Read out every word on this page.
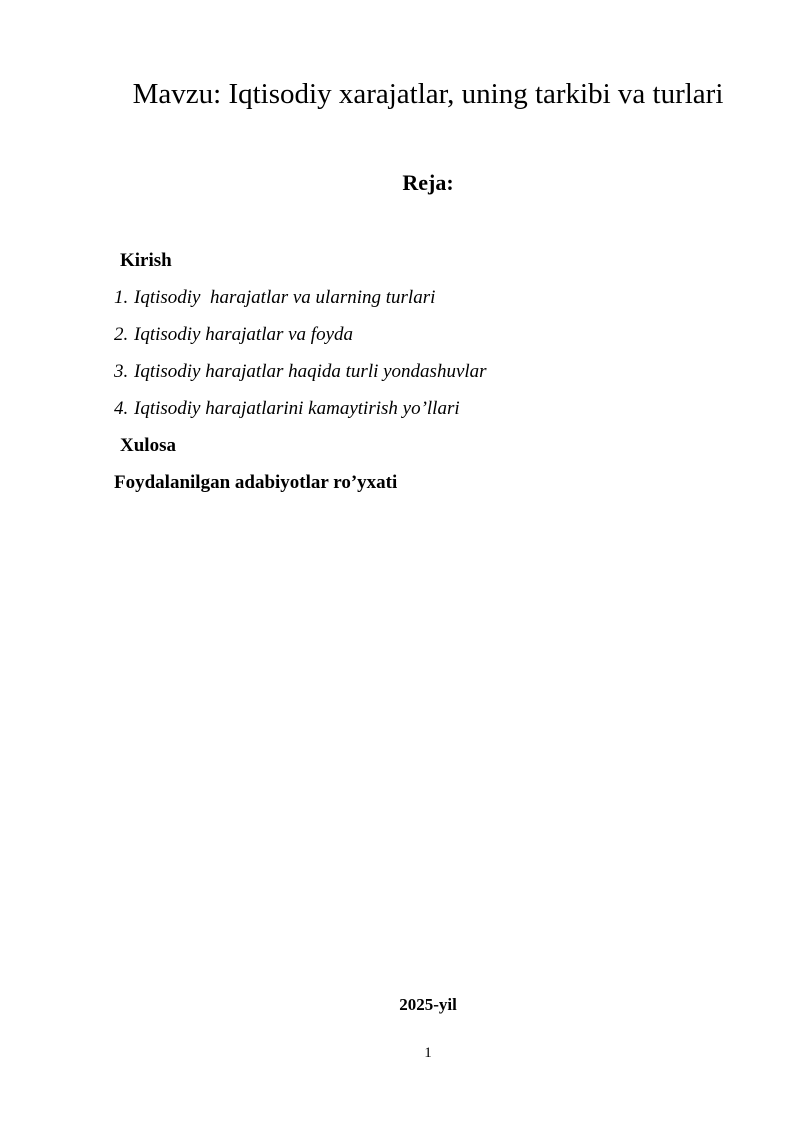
Mavzu: Iqtisodiy xarajatlar, uning tarkibi va turlari
Reja:
Kirish
1. Iqtisodiy  harajatlar va ularning turlari
2. Iqtisodiy harajatlar va foyda
3. Iqtisodiy harajatlar haqida turli yondashuvlar
4. Iqtisodiy harajatlarini kamaytirish yo’llari
Xulosa
Foydalanilgan adabiyotlar ro’yxati
2025-yil
1
